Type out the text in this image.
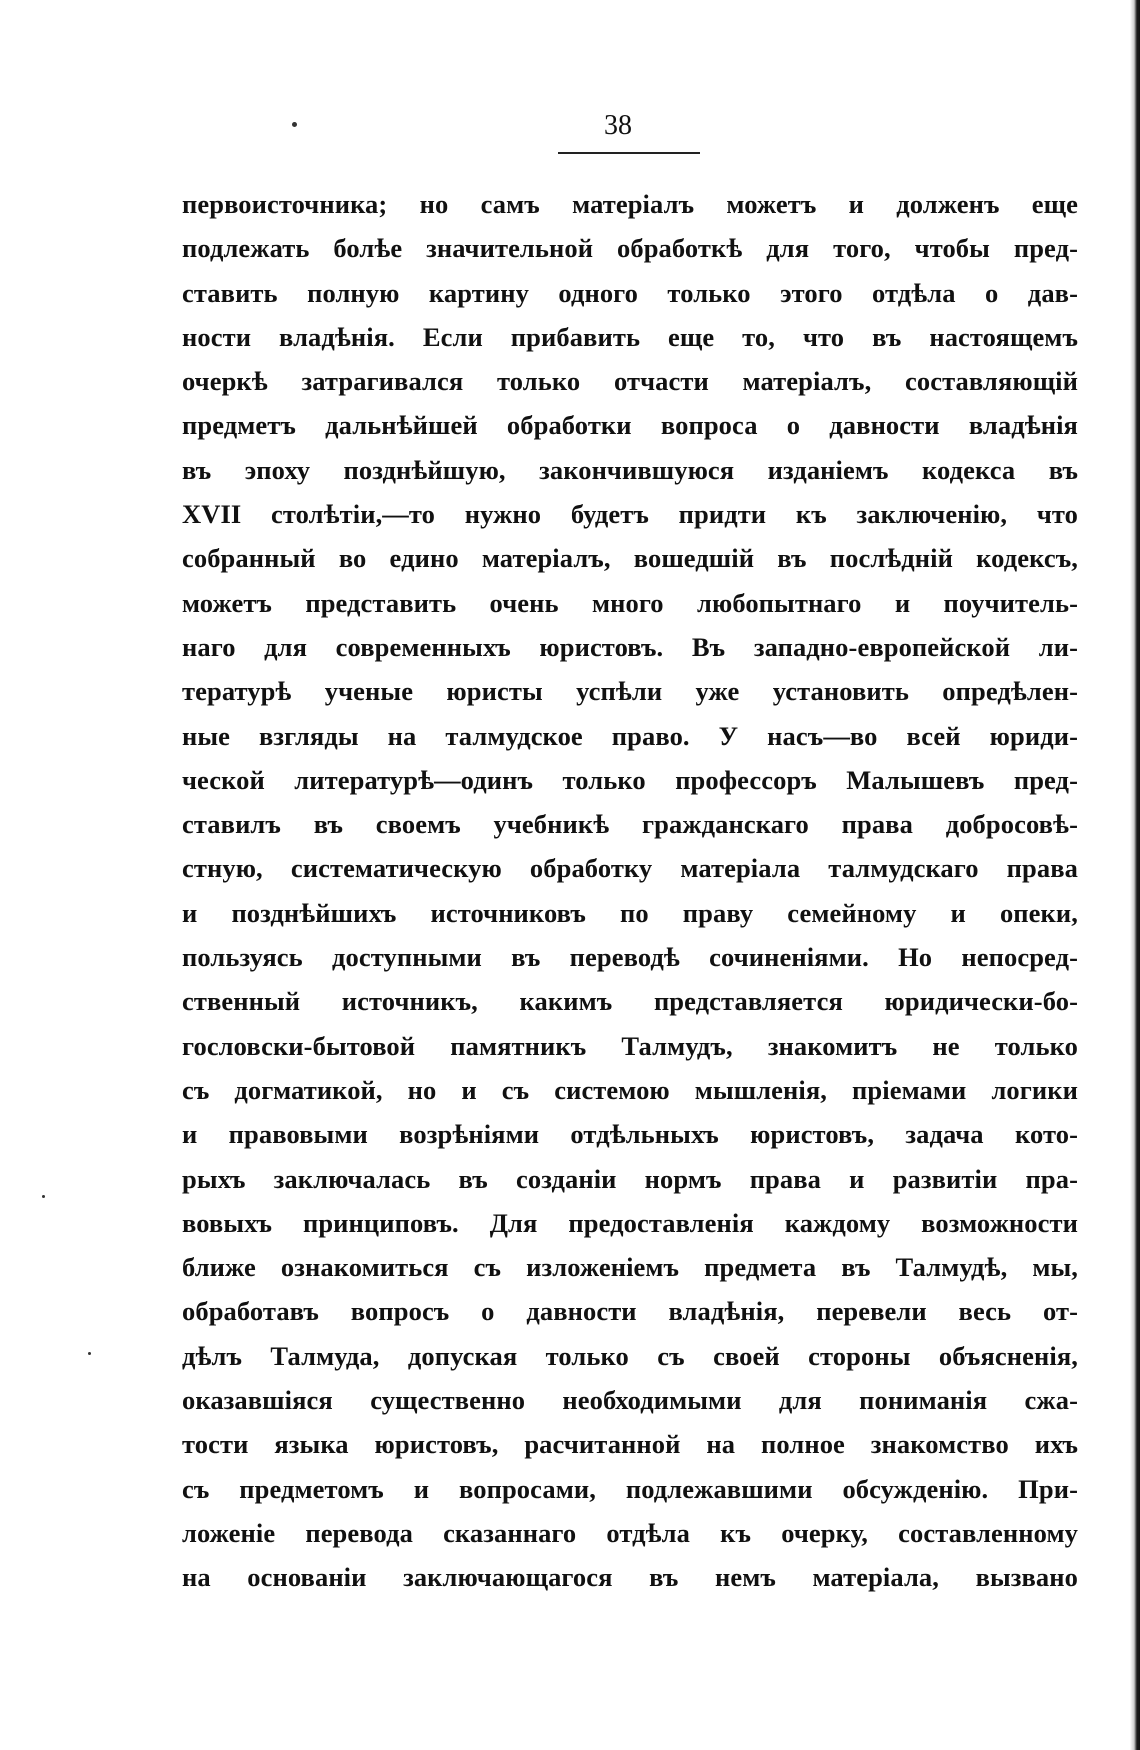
38
первоисточника; но самъ матеріалъ можетъ и долженъ еще
подлежать болѣе значительной обработкѣ для того, чтобы пред-
ставить полную картину одного только этого отдѣла о дав-
ности владѣнія. Если прибавить еще то, что въ настоящемъ
очеркѣ затрагивался только отчасти матеріалъ, составляющій
предметъ дальнѣйшей обработки вопроса о давности владѣнія
въ эпоху позднѣйшую, закончившуюся изданіемъ кодекса въ
XVII столѣтіи,—то нужно будетъ придти къ заключенію, что
собранный во едино матеріалъ, вошедшій въ послѣдній кодексъ,
можетъ представить очень много любопытнаго и поучитель-
наго для современныхъ юристовъ. Въ западно-европейской ли-
тературѣ ученые юристы успѣли уже установить опредѣлен-
ные взгляды на талмудское право. У насъ—во всей юриди-
ческой литературѣ—одинъ только профессоръ Малышевъ пред-
ставилъ въ своемъ учебникѣ гражданскаго права добросовѣ-
стную, систематическую обработку матеріала талмудскаго права
и позднѣйшихъ источниковъ по праву семейному и опеки,
пользуясь доступными въ переводѣ сочиненіями. Но непосред-
ственный источникъ, какимъ представляется юридически-бо-
гословски-бытовой памятникъ Талмудъ, знакомитъ не только
съ догматикой, но и съ системою мышленія, пріемами логики
и правовыми возрѣніями отдѣльныхъ юристовъ, задача кото-
рыхъ заключалась въ созданіи нормъ права и развитіи пра-
вовыхъ принциповъ. Для предоставленія каждому возможности
ближе ознакомиться съ изложеніемъ предмета въ Талмудѣ, мы,
обработавъ вопросъ о давности владѣнія, перевели весь от-
дѣлъ Талмуда, допуская только съ своей стороны объясненія,
оказавшіяся существенно необходимыми для пониманія сжа-
тости языка юристовъ, расчитанной на полное знакомство ихъ
съ предметомъ и вопросами, подлежавшими обсужденію. При-
ложеніе перевода сказаннаго отдѣла къ очерку, составленному
на основаніи заключающагося въ немъ матеріала, вызвано
